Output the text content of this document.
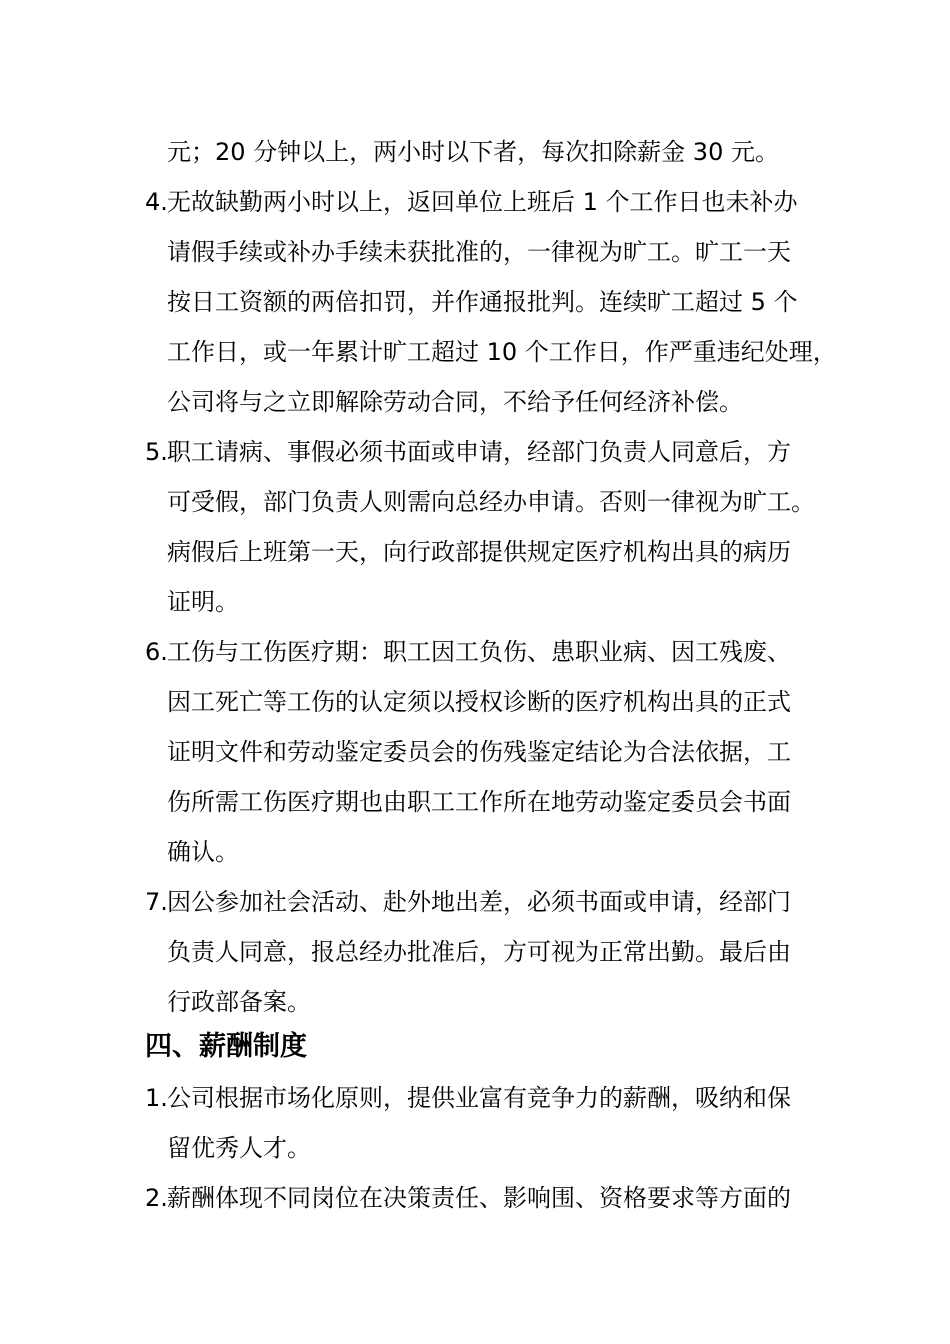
元；20 分钟以上，两小时以下者，每次扣除薪金 30 元。
4.无故缺勤两小时以上，返回单位上班后 1 个工作日也未补办
请假手续或补办手续未获批准的，一律视为旷工。旷工一天
按日工资额的两倍扣罚，并作通报批判。连续旷工超过 5 个
工作日，或一年累计旷工超过 10 个工作日，作严重违纪处理，
公司将与之立即解除劳动合同，不给予任何经济补偿。
5.职工请病、事假必须书面或申请，经部门负责人同意后，方
可受假，部门负责人则需向总经办申请。否则一律视为旷工。
病假后上班第一天，向行政部提供规定医疗机构出具的病历
证明。
6.工伤与工伤医疗期：职工因工负伤、患职业病、因工残废、
因工死亡等工伤的认定须以授权诊断的医疗机构出具的正式
证明文件和劳动鉴定委员会的伤残鉴定结论为合法依据，工
伤所需工伤医疗期也由职工工作所在地劳动鉴定委员会书面
确认。
7.因公参加社会活动、赴外地出差，必须书面或申请，经部门
负责人同意，报总经办批准后，方可视为正常出勤。最后由
行政部备案。
四、薪酬制度
1.公司根据市场化原则，提供业富有竞争力的薪酬，吸纳和保
留优秀人才。
2.薪酬体现不同岗位在决策责任、影响围、资格要求等方面的
